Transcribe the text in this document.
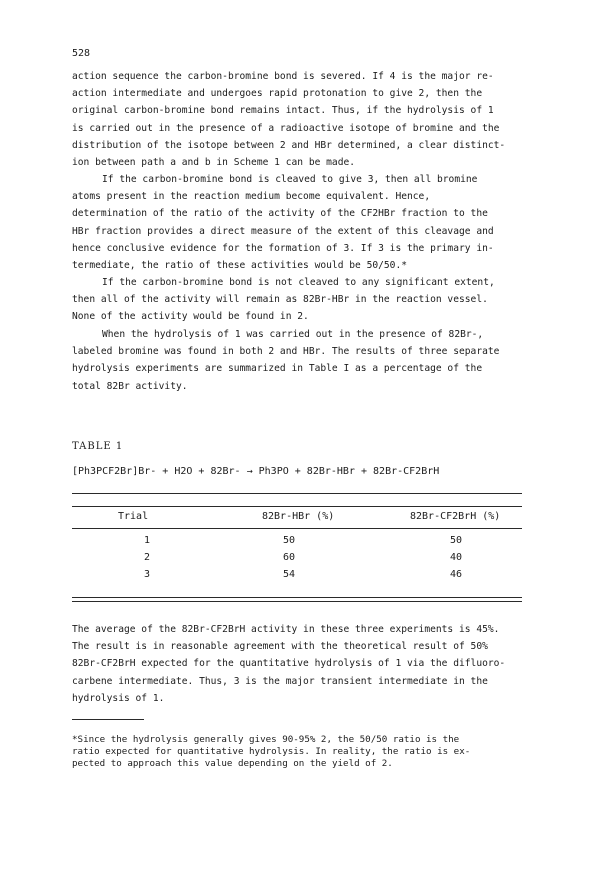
528
action sequence the carbon-bromine bond is severed. If 4 is the major re-
action intermediate and undergoes rapid protonation to give 2, then the
original carbon-bromine bond remains intact. Thus, if the hydrolysis of 1
is carried out in the presence of a radioactive isotope of bromine and the
distribution of the isotope between 2 and HBr determined, a clear distinct-
ion between path a and b in Scheme 1 can be made.
If the carbon-bromine bond is cleaved to give 3, then all bromine
atoms present in the reaction medium become equivalent. Hence,
determination of the ratio of the activity of the CF2HBr fraction to the
HBr fraction provides a direct measure of the extent of this cleavage and
hence conclusive evidence for the formation of 3. If 3 is the primary in-
termediate, the ratio of these activities would be 50/50.*
If the carbon-bromine bond is not cleaved to any significant extent,
then all of the activity will remain as 82Br-HBr in the reaction vessel.
None of the activity would be found in 2.
When the hydrolysis of 1 was carried out in the presence of 82Br-,
labeled bromine was found in both 2 and HBr. The results of three separate
hydrolysis experiments are summarized in Table I as a percentage of the
total 82Br activity.
TABLE 1
[Ph3PCF2Br]Br- + H2O + 82Br- → Ph3PO + 82Br-HBr + 82Br-CF2BrH
Trial	82Br-HBr (%)	82Br-CF2BrH (%)
1	50	50
2	60	40
3	54	46
The average of the 82Br-CF2BrH activity in these three experiments is 45%.
The result is in reasonable agreement with the theoretical result of 50%
82Br-CF2BrH expected for the quantitative hydrolysis of 1 via the difluoro-
carbene intermediate. Thus, 3 is the major transient intermediate in the
hydrolysis of 1.
*Since the hydrolysis generally gives 90-95% 2, the 50/50 ratio is the
ratio expected for quantitative hydrolysis. In reality, the ratio is ex-
pected to approach this value depending on the yield of 2.
